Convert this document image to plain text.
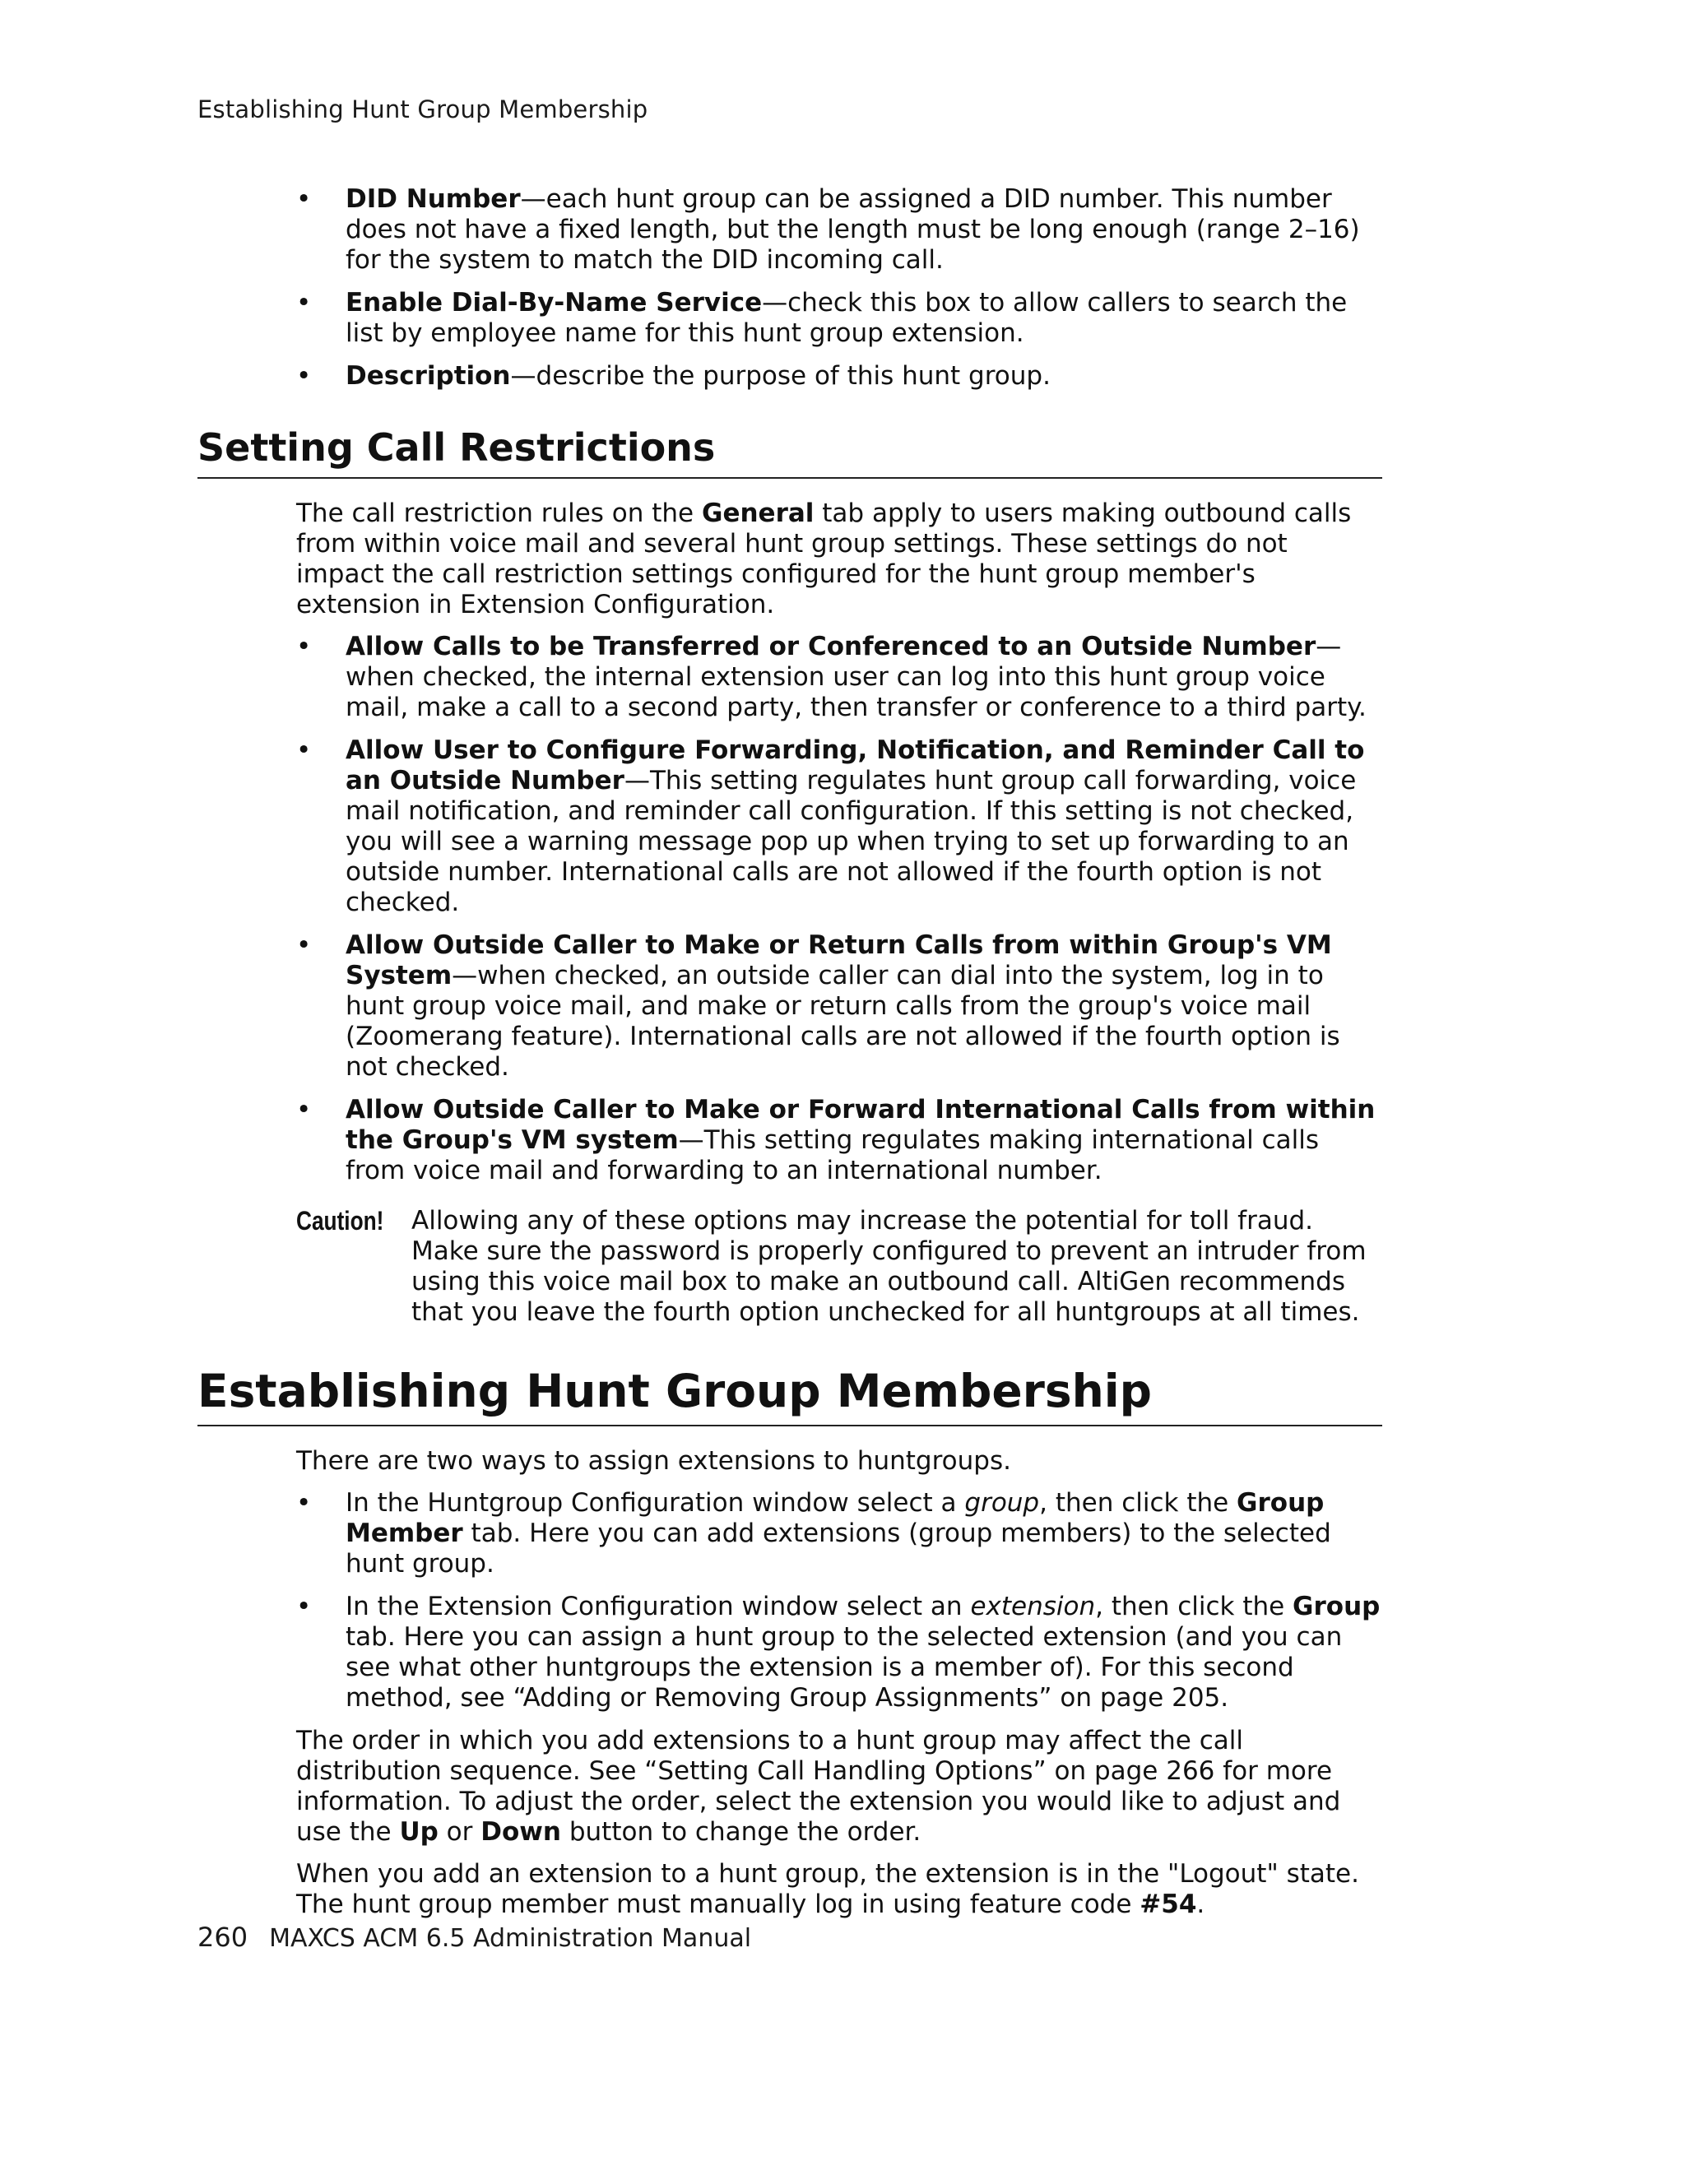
Establishing Hunt Group Membership
• DID Number—each hunt group can be assigned a DID number. This number does not have a fixed length, but the length must be long enough (range 2–16) for the system to match the DID incoming call.
• Enable Dial-By-Name Service—check this box to allow callers to search the list by employee name for this hunt group extension.
• Description—describe the purpose of this hunt group.
Setting Call Restrictions

The call restriction rules on the General tab apply to users making outbound calls from within voice mail and several hunt group settings. These settings do not impact the call restriction settings configured for the hunt group member's extension in Extension Configuration.

• Allow Calls to be Transferred or Conferenced to an Outside Number—when checked, the internal extension user can log into this hunt group voice mail, make a call to a second party, then transfer or conference to a third party.
• Allow User to Configure Forwarding, Notification, and Reminder Call to an Outside Number—This setting regulates hunt group call forwarding, voice mail notification, and reminder call configuration. If this setting is not checked, you will see a warning message pop up when trying to set up forwarding to an outside number. International calls are not allowed if the fourth option is not checked.
• Allow Outside Caller to Make or Return Calls from within Group's VM System—when checked, an outside caller can dial into the system, log in to hunt group voice mail, and make or return calls from the group's voice mail (Zoomerang feature). International calls are not allowed if the fourth option is not checked.
• Allow Outside Caller to Make or Forward International Calls from within the Group's VM system—This setting regulates making international calls from voice mail and forwarding to an international number.
Caution! Allowing any of these options may increase the potential for toll fraud. Make sure the password is properly configured to prevent an intruder from using this voice mail box to make an outbound call. AltiGen recommends that you leave the fourth option unchecked for all huntgroups at all times.
Establishing Hunt Group Membership

There are two ways to assign extensions to huntgroups.

• In the Huntgroup Configuration window select a group, then click the Group Member tab. Here you can add extensions (group members) to the selected hunt group.
• In the Extension Configuration window select an extension, then click the Group tab. Here you can assign a hunt group to the selected extension (and you can see what other huntgroups the extension is a member of). For this second method, see “Adding or Removing Group Assignments” on page 205.

The order in which you add extensions to a hunt group may affect the call distribution sequence. See “Setting Call Handling Options” on page 266 for more information. To adjust the order, select the extension you would like to adjust and use the Up or Down button to change the order.

When you add an extension to a hunt group, the extension is in the "Logout" state. The hunt group member must manually log in using feature code #54.

260 MAXCS ACM 6.5 Administration Manual
